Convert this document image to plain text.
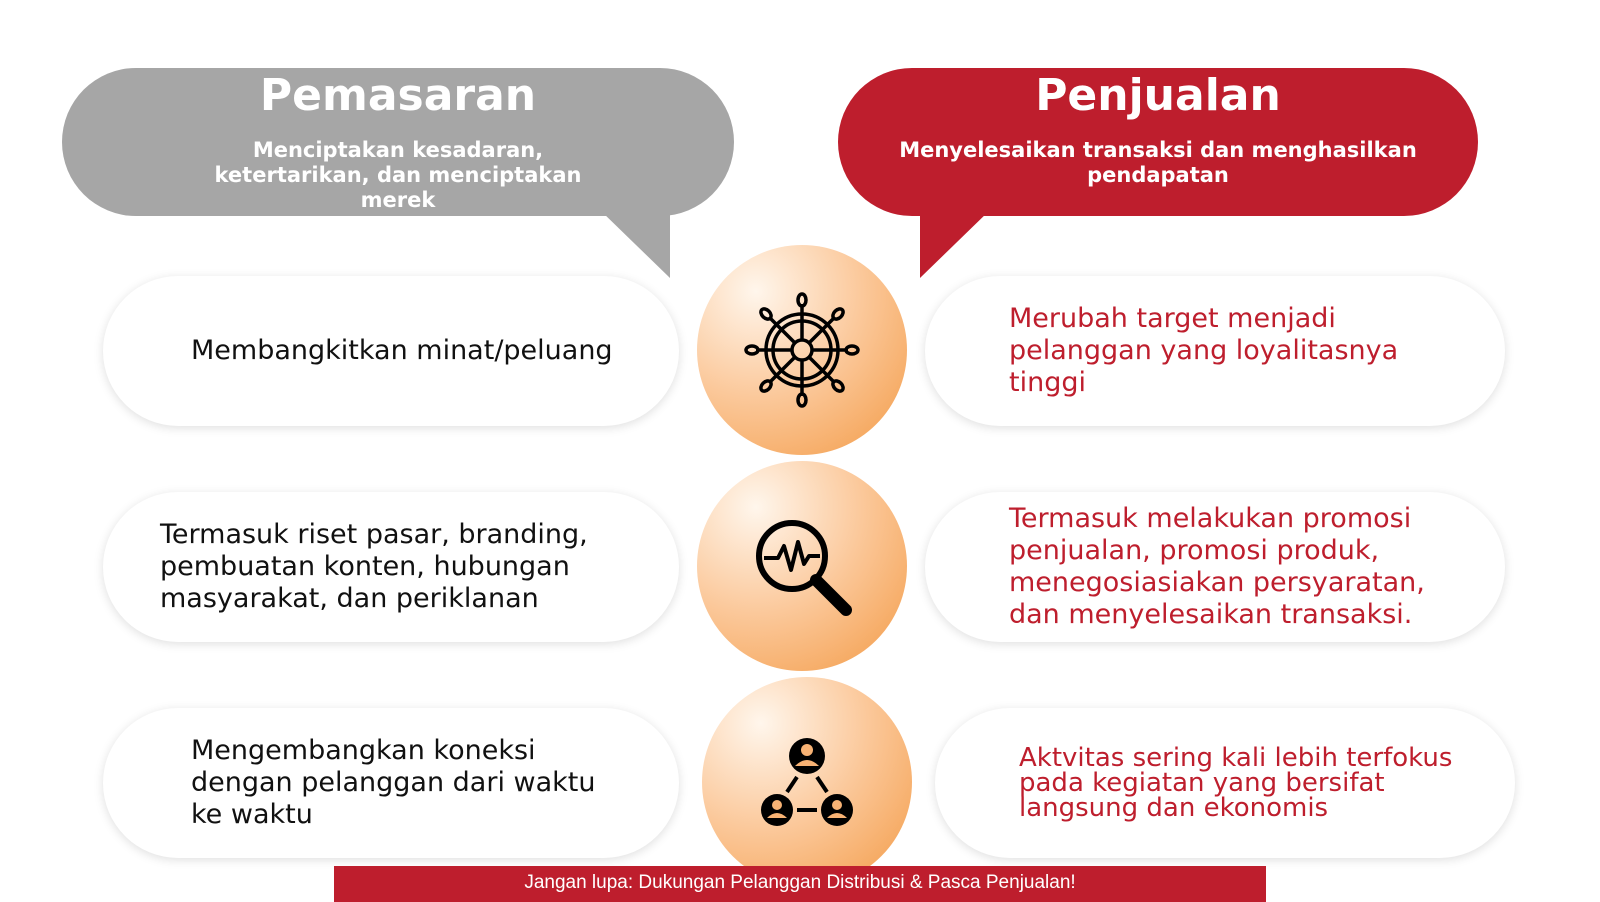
Pemasaran
Menciptakan kesadaran, ketertarikan, dan menciptakan merek
Penjualan
Menyelesaikan transaksi dan menghasilkan pendapatan
Membangkitkan minat/peluang
Merubah target menjadi pelanggan yang loyalitasnya tinggi
Termasuk riset pasar, branding, pembuatan konten, hubungan masyarakat, dan periklanan
Termasuk melakukan promosi penjualan, promosi produk, menegosiasiakan persyaratan, dan menyelesaikan transaksi.
Mengembangkan koneksi dengan pelanggan dari waktu ke waktu
Aktvitas sering kali lebih terfokus pada kegiatan yang bersifat langsung dan ekonomis
Jangan lupa: Dukungan Pelanggan Distribusi & Pasca Penjualan!
